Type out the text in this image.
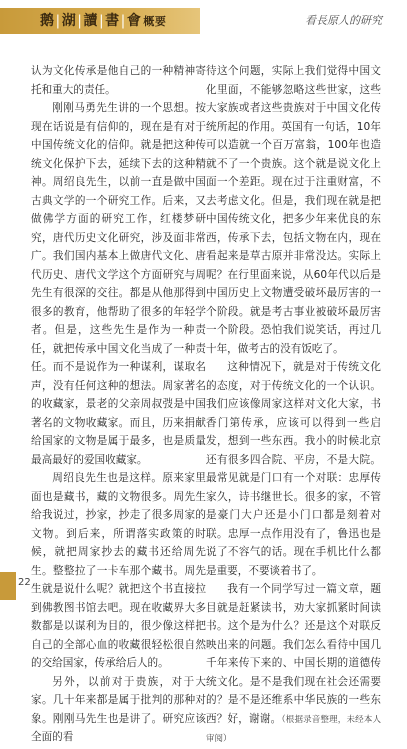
鹅|湖|讀|書|會 概要	看長原人的研究

认为文化传承是他自己的一种精神寄托和重大的责任。

刚刚马勇先生讲的一个思想。按现在话说是有信仰的，现在是有对于中国传统文化的信仰。就是把这种传统文化保护下去，延续下去的这种精神。周绍良先生，以前一直是做中国古典文学的一个研究工作。后来，又做佛学方面的研究工作，红楼梦研究，唐代历史文化研究，涉及面非常广。我们国内基本上做唐代文化、唐代历史、唐代文学这个方面研究与周先生有很深的交往。都是从他那得到很多的教育，他帮助了很多的年轻学者。但是，这些先生是作为一种责任，就把传承中国文化当成了一种责任。而不是说作为一种谋利，谋取名声，没有任何这种的想法。周家著名的收藏家，景老的父亲周叔弢是中国著名的文物收藏家。而且，历来捐献给国家的文物是属于最多，也是质量最高最好的爱国收藏家。

周绍良先生也是这样。原来家里面也是藏书，藏的文物很多。周先生给我说过，抄家，抄走了很多周家的文物。到后来，所谓落实政策的时候，就把周家抄去的藏书还给周先生。整整拉了一卡车那个藏书。周先生就是说什么呢？就把这个书直接拉到佛教图书馆去吧。现在收藏界大多数都是以谋利为目的，很少像这样把自己的全部心血的收藏很轻松很自然的交给国家，传承给后人的。

另外，以前对于贵族，对于大家。几十年来都是属于批判的那种对象。刚刚马先生也是讲了。研究应该全面的看

待这个问题，实际上我们觉得中国文化里面，不能够忽略这些世家，这些大家族或者这些贵族对于中国文化传统所起的作用。英国有一句话，10年可以造就一个百万富翁，100年也造就不了一个贵族。这个就是说文化上面一个差距。现在过于注重财富，不去考虑文化。但是，我们现在就是把中国传统文化，把多少年来优良的东西，传承下去，包括文物在内，现在看起来是草古原并非常没达。实际上呢？在行里面来说，从60年代以后是中国历史上文物遭受破坏最厉害的一个阶段。就是考古事业被破坏最厉害一个阶段。恐怕我们说笑话，再过几十年，做考古的没有饭吃了。

这种情况下，就是对于传统文化的态度，对于传统文化的一个认识。我们应该像周家这样对文化大家，书香门第传承，应该可以得到一些启发，想到一些东西。我小的时候北京还有很多四合院、平房，不是大院。最常见就是门口有一个对联：忠厚传家久，诗书继世长。很多的家，不管是豪门大户还是小门口都是刻着对联。忠厚一点作用没有了，鲁迅也是说了不容气的话。现在手机比什么都是重要，不要谈着书了。

我有一个同学写过一篇文章，题目就是赶紧读书，劝大家抓紧时间读书。这个是为什么？还是这个对联反映出来的问题。我们怎么看待中国几千年来传下来的、中国长期的道德传统文化。是不是我们现在社会还需要的？是不是还维系中华民族的一些东西？好，谢谢。（根据录音整理，未经本人审阅）

22
